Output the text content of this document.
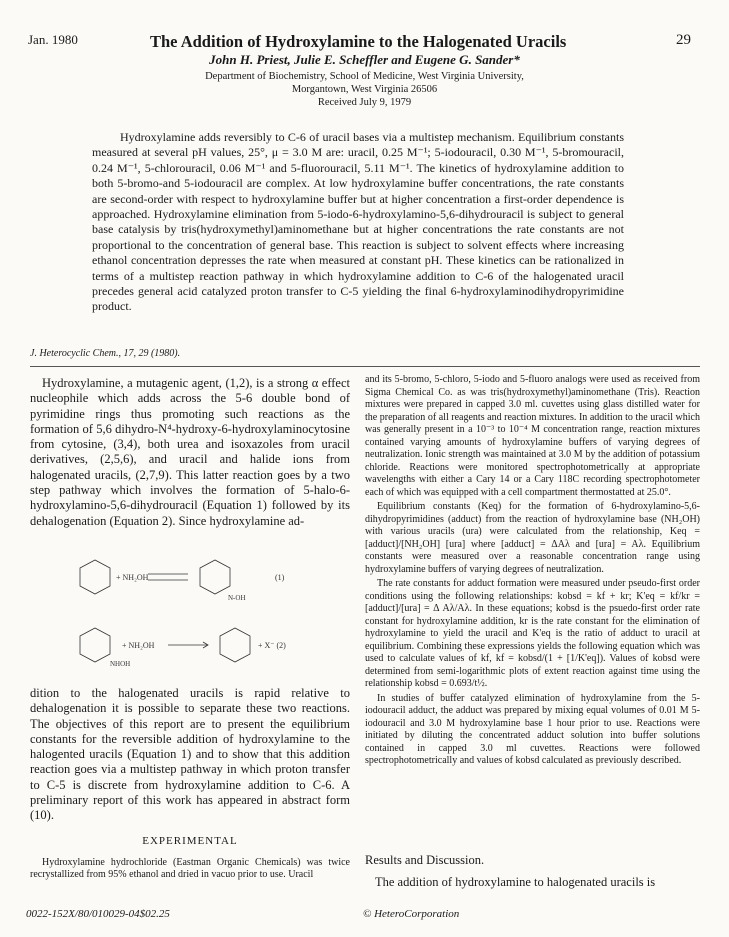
Jan. 1980	The Addition of Hydroxylamine to the Halogenated Uracils	29
John H. Priest, Julie E. Scheffler and Eugene G. Sander*
Department of Biochemistry, School of Medicine, West Virginia University,
Morgantown, West Virginia 26506
Received July 9, 1979

Hydroxylamine adds reversibly to C-6 of uracil bases via a multistep mechanism. Equilibrium constants measured at several pH values, 25°, μ = 3.0 M are: uracil, 0.25 M⁻¹; 5-iodouracil, 0.30 M⁻¹, 5-bromouracil, 0.24 M⁻¹, 5-chlorouracil, 0.06 M⁻¹ and 5-fluorouracil, 5.11 M⁻¹. The kinetics of hydroxylamine addition to both 5-bromo-and 5-iodouracil are complex. At low hydroxylamine buffer concentrations, the rate constants are second-order with respect to hydroxylamine buffer but at higher concentration a first-order dependence is approached. Hydroxylamine elimination from 5-iodo-6-hydroxylamino-5,6-dihydrouracil is subject to general base catalysis by tris(hydroxymethyl)aminomethane but at higher concentrations the rate constants are not proportional to the concentration of general base. This reaction is subject to solvent effects where increasing ethanol concentration depresses the rate when measured at constant pH. These kinetics can be rationalized in terms of a multistep reaction pathway in which hydroxylamine addition to C-6 of the halogenated uracil precedes general acid catalyzed proton transfer to C-5 yielding the final 6-hydroxylaminodihydropyrimidine product.

J. Heterocyclic Chem., 17, 29 (1980).

Hydroxylamine, a mutagenic agent, (1,2), is a strong α effect nucleophile which adds across the 5-6 double bond of pyrimidine rings thus promoting such reactions as the formation of 5,6 dihydro-N⁴-hydroxy-6-hydroxylaminocytosine from cytosine, (3,4), both urea and isoxazoles from uracil derivatives, (2,5,6), and uracil and halide ions from halogenated uracils, (2,7,9). This latter reaction goes by a two step pathway which involves the formation of 5-halo-6-hydroxylamino-5,6-dihydrouracil (Equation 1) followed by its dehalogenation (Equation 2). Since hydroxylamine ad-

+ NH₂OH	(1)
N-OH
+ NH₂OH
NHOH
+ X⁻ (2)

dition to the halogenated uracils is rapid relative to dehalogenation it is possible to separate these two reactions. The objectives of this report are to present the equilibrium constants for the reversible addition of hydroxylamine to the halogented uracils (Equation 1) and to show that this addition reaction goes via a multistep pathway in which proton transfer to C-5 is discrete from hydroxylamine addition to C-6. A preliminary report of this work has appeared in abstract form (10).

EXPERIMENTAL

Hydroxylamine hydrochloride (Eastman Organic Chemicals) was twice recrystallized from 95% ethanol and dried in vacuo prior to use. Uracil

and its 5-bromo, 5-chloro, 5-iodo and 5-fluoro analogs were used as received from Sigma Chemical Co. as was tris(hydroxymethyl)aminomethane (Tris). Reaction mixtures were prepared in capped 3.0 ml. cuvettes using glass distilled water for the preparation of all reagents and reaction mixtures. In addition to the uracil which was generally present in a 10⁻³ to 10⁻⁴ M concentration range, reaction mixtures contained varying amounts of hydroxylamine buffers of varying degrees of neutralization. Ionic strength was maintained at 3.0 M by the addition of potassium chloride. Reactions were monitored spectrophotometrically at appropriate wavelengths with either a Cary 14 or a Cary 118C recording spectrophotometer each of which was equipped with a cell compartment thermostatted at 25.0°.

Equilibrium constants (Keq) for the formation of 6-hydroxylamino-5,6-dihydropyrimidines (adduct) from the reaction of hydroxylamine base (NH₂OH) with various uracils (ura) were calculated from the relationship, Keq = [adduct]/[NH₂OH] [ura] where [adduct] = ΔAλ and [ura] = Aλ. Equilibrium constants were measured over a reasonable concentration range using hydroxylamine buffers of varying degrees of neutralization.

The rate constants for adduct formation were measured under pseudo-first order conditions using the following relationships: kobsd = kf + kr; K'eq = kf/kr = [adduct]/[ura] = Δ Aλ/Aλ. In these equations; kobsd is the psuedo-first order rate constant for hydroxylamine addition, kr is the rate constant for the elimination of hydroxylamine to yield the uracil and K'eq is the ratio of adduct to uracil at equilibrium. Combining these expressions yields the following equation which was used to calculate values of kf, kf = kobsd/(1 + [1/K'eq]). Values of kobsd were determined from semi-logarithmic plots of extent reaction against time using the relationship kobsd = 0.693/t½.

In studies of buffer catalyzed elimination of hydroxylamine from the 5-iodouracil adduct, the adduct was prepared by mixing equal volumes of 0.01 M 5-iodouracil and 3.0 M hydroxylamine base 1 hour prior to use. Reactions were initiated by diluting the concentrated adduct solution into buffer solutions contained in capped 3.0 ml cuvettes. Reactions were followed spectrophotometrically and values of kobsd calculated as previously described.

Results and Discussion.
The addition of hydroxylamine to halogenated uracils is
0022-152X/80/010029-04$02.25	© HeteroCorporation
